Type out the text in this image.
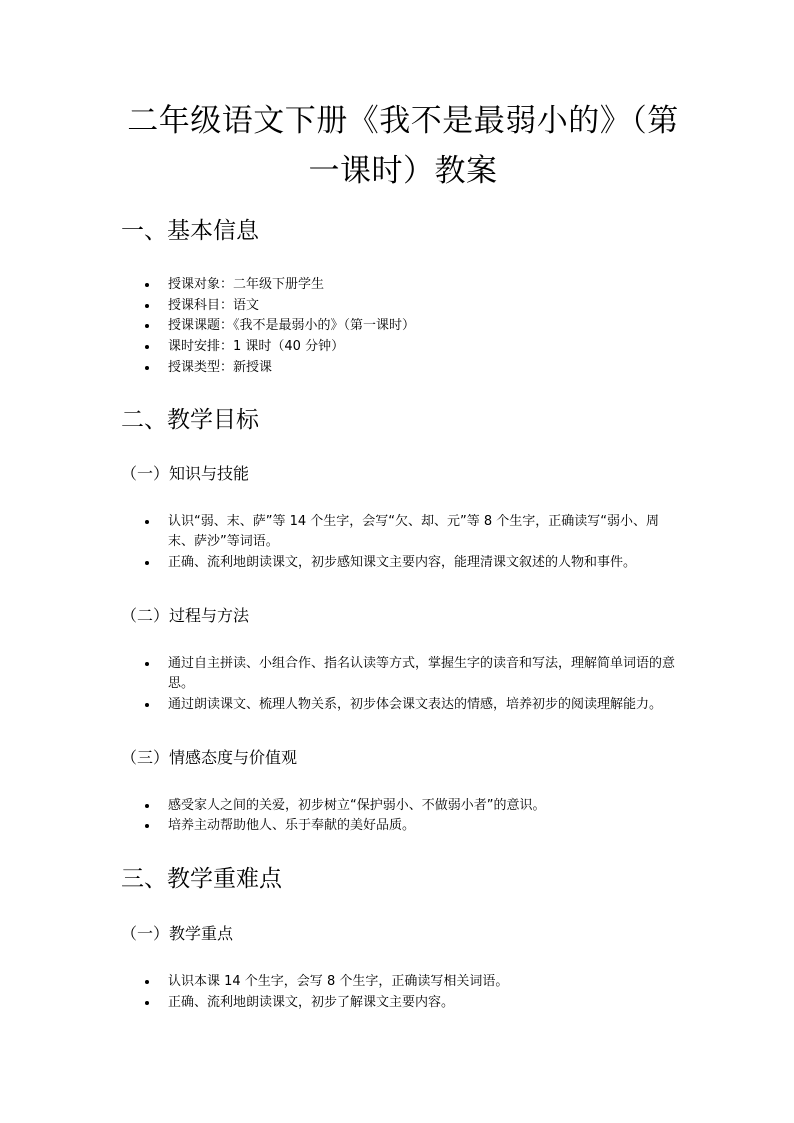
二年级语文下册《我不是最弱小的》（第一课时）教案
一、基本信息
授课对象：二年级下册学生
授课科目：语文
授课课题：《我不是最弱小的》（第一课时）
课时安排：1 课时（40 分钟）
授课类型：新授课
二、教学目标
（一）知识与技能
认识“弱、末、萨”等 14 个生字，会写“欠、却、元”等 8 个生字，正确读写“弱小、周末、萨沙”等词语。
正确、流利地朗读课文，初步感知课文主要内容，能理清课文叙述的人物和事件。
（二）过程与方法
通过自主拼读、小组合作、指名认读等方式，掌握生字的读音和写法，理解简单词语的意思。
通过朗读课文、梳理人物关系，初步体会课文表达的情感，培养初步的阅读理解能力。
（三）情感态度与价值观
感受家人之间的关爱，初步树立“保护弱小、不做弱小者”的意识。
培养主动帮助他人、乐于奉献的美好品质。
三、教学重难点
（一）教学重点
认识本课 14 个生字，会写 8 个生字，正确读写相关词语。
正确、流利地朗读课文，初步了解课文主要内容。
